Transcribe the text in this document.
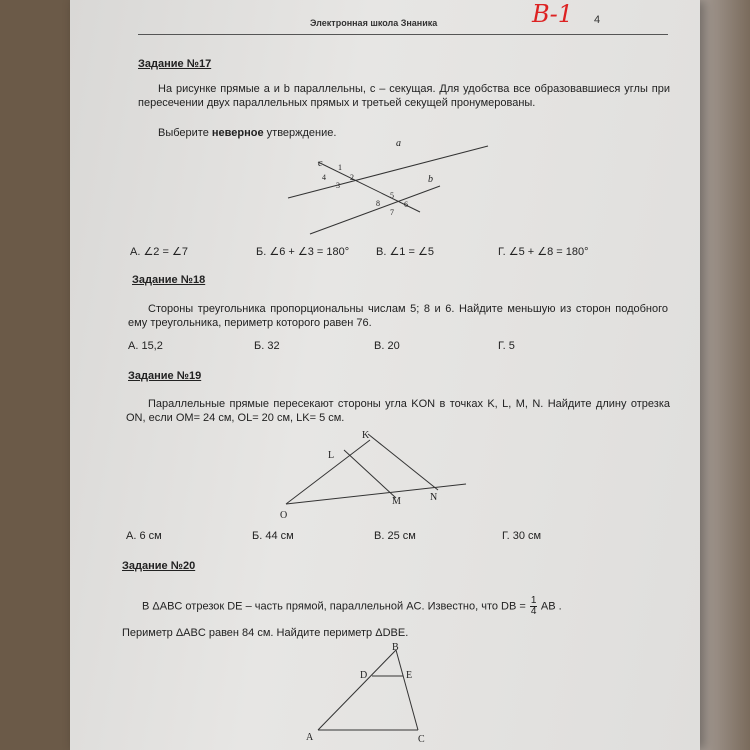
Электронная школа Знаника	4
В-1
Задание №17
На рисунке прямые a и b параллельны, c – секущая. Для удобства все образовавшиеся углы при пересечении двух параллельных прямых и третьей секущей пронумерованы.
Выберите неверное утверждение.
a
b
c 1
2
3
4
5
6
7
8
А. ∠2 = ∠7	Б. ∠6 + ∠3 = 180° В. ∠1 = ∠5	Г. ∠5 + ∠8 = 180°
Задание №18
Стороны треугольника пропорциональны числам 5; 8 и 6. Найдите меньшую из сторон подобного ему треугольника, периметр которого равен 76.
А. 15,2	Б. 32	В. 20	Г. 5
Задание №19
Параллельные прямые пересекают стороны угла KON в точках K, L, M, N. Найдите длину отрезка ON, если OM= 24 см, OL= 20 см, LK= 5 см.
K
L
M	N
O
А. 6 см	Б. 44 см	В. 25 см	Г. 30 см
Задание №20
В ΔABC отрезок DE – часть прямой, параллельной AC. Известно, что DB = $\frac{1}{4}$ AB .
Периметр ΔABC равен 84 см. Найдите периметр ΔDBE.
B
D	E
A	C
